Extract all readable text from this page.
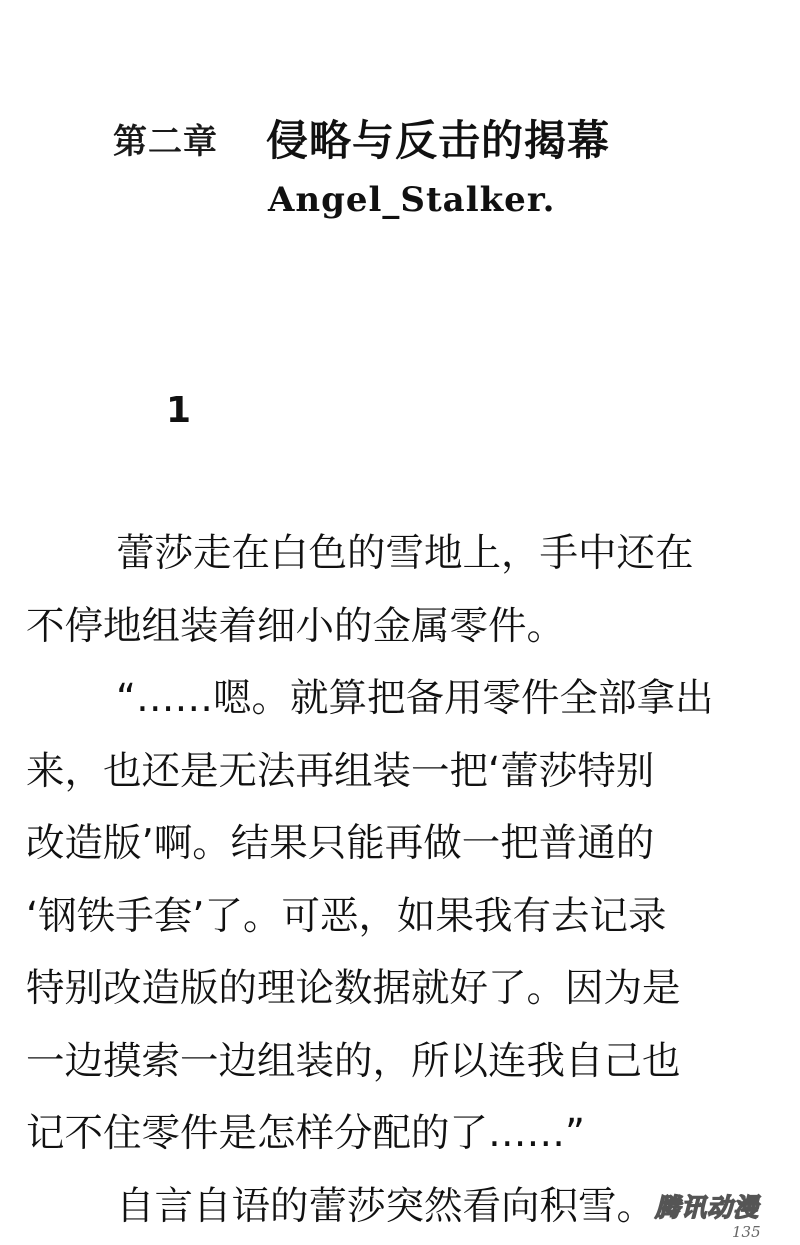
第二章 侵略与反击的揭幕
Angel_Stalker.
1
蕾莎走在白色的雪地上，手中还在
不停地组装着细小的金属零件。
“……嗯。就算把备用零件全部拿出
来，也还是无法再组装一把‘蕾莎特别
改造版’啊。结果只能再做一把普通的
‘钢铁手套’了。可恶，如果我有去记录
特别改造版的理论数据就好了。因为是
一边摸索一边组装的，所以连我自己也
记不住零件是怎样分配的了……”
自言自语的蕾莎突然看向积雪。 腾讯动漫
135
